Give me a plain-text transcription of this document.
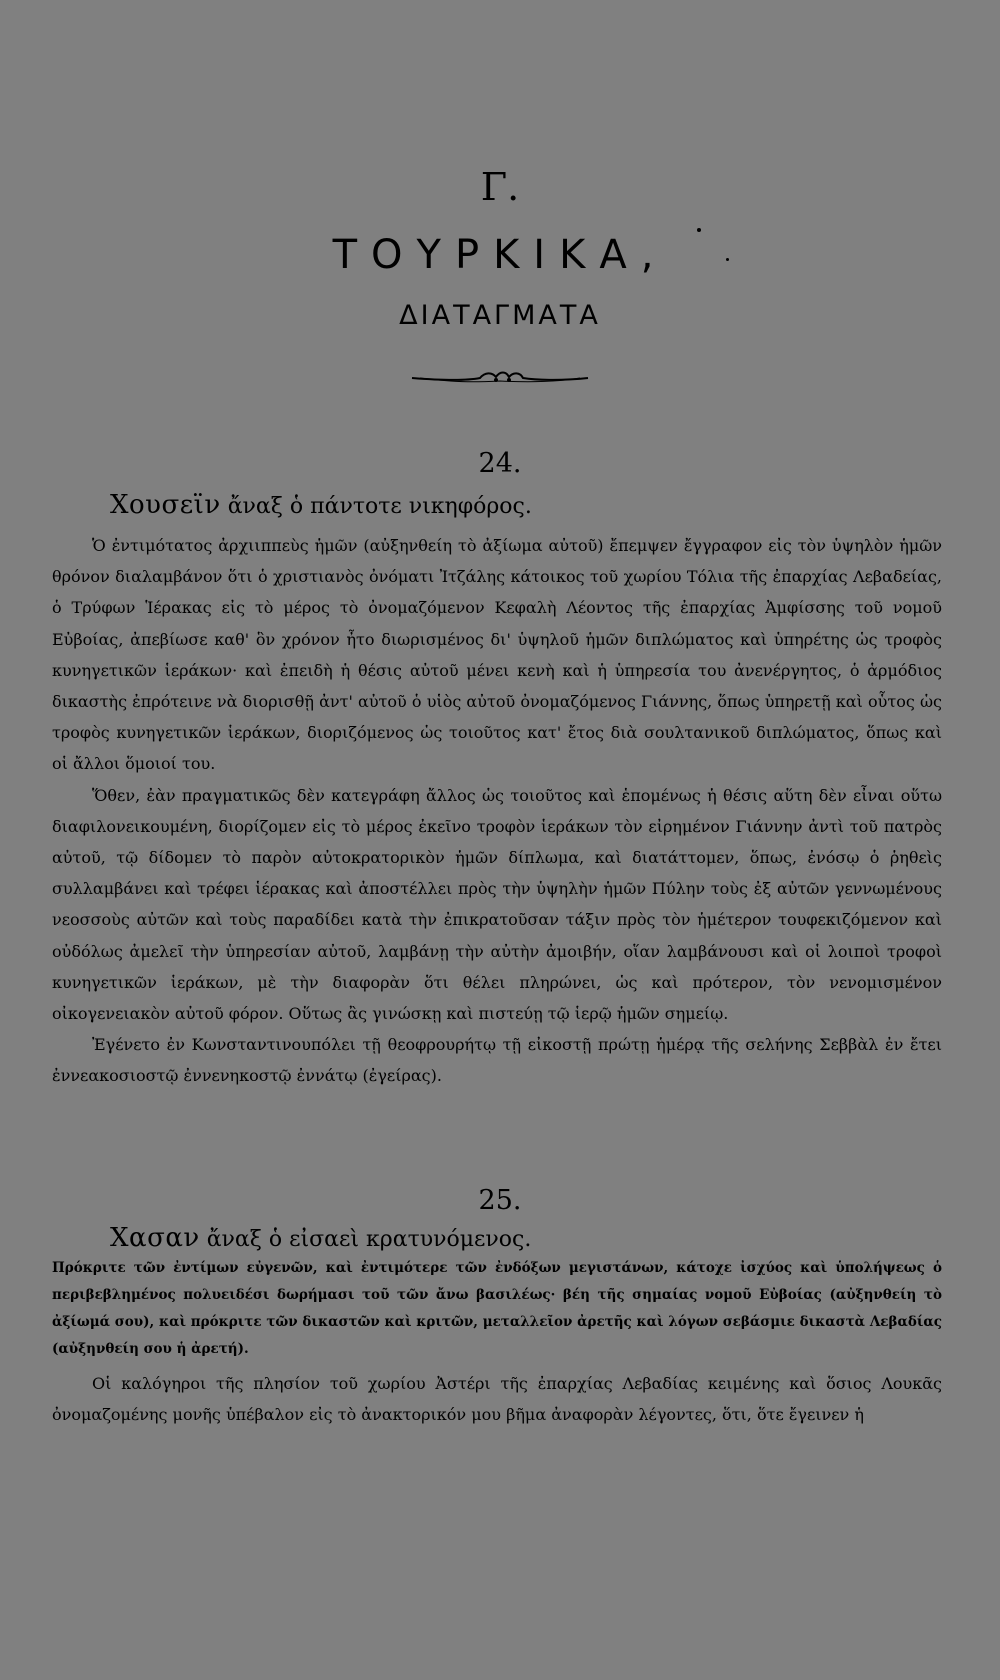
Γ.
ΤΟΥΡΚΙΚΑ,
ΔΙΑΤΑΓΜΑΤΑ
24.
Χουσεϊν ἄναξ ὁ πάντοτε νικηφόρος.

Ὁ ἐντιμότατος ἀρχιιππεὺς ἡμῶν (αὐξηνθείη τὸ ἀξίωμα αὐτοῦ) ἔπεμψεν ἔγγραφον εἰς τὸν ὑψηλὸν ἡμῶν θρόνον διαλαμβάνον ὅτι ὁ χριστιανὸς ὀνόματι Ἰτζάλης κάτοικος τοῦ χωρίου Τόλια τῆς ἐπαρχίας Λεβαδείας, ὁ Τρύφων Ἱέρακας εἰς τὸ μέρος τὸ ὀνομαζόμενον Κεφαλὴ Λέοντος τῆς ἐπαρχίας Ἀμφίσσης τοῦ νομοῦ Εὐβοίας, ἀπεβίωσε καθ' ὃν χρόνον ἦτο διωρισμένος δι' ὑψηλοῦ ἡμῶν διπλώματος καὶ ὑπηρέτης ὡς τροφὸς κυνηγετικῶν ἱεράκων· καὶ ἐπειδὴ ἡ θέσις αὐτοῦ μένει κενὴ καὶ ἡ ὑπηρεσία του ἀνενέργητος, ὁ ἁρμόδιος δικαστὴς ἐπρότεινε νὰ διορισθῇ ἀντ' αὐτοῦ ὁ υἱὸς αὐτοῦ ὀνομαζόμενος Γιάννης, ὅπως ὑπηρετῇ καὶ οὗτος ὡς τροφὸς κυνηγετικῶν ἱεράκων, διοριζόμενος ὡς τοιοῦτος κατ' ἔτος διὰ σουλτανικοῦ διπλώματος, ὅπως καὶ οἱ ἄλλοι ὅμοιοί του.

Ὅθεν, ἐὰν πραγματικῶς δὲν κατεγράφη ἄλλος ὡς τοιοῦτος καὶ ἑπομένως ἡ θέσις αὕτη δὲν εἶναι οὕτω διαφιλονεικουμένη, διορίζομεν εἰς τὸ μέρος ἐκεῖνο τροφὸν ἱεράκων τὸν εἰρημένον Γιάννην ἀντὶ τοῦ πατρὸς αὐτοῦ, τῷ δίδομεν τὸ παρὸν αὐτοκρατορικὸν ἡμῶν δίπλωμα, καὶ διατάττομεν, ὅπως, ἐνόσῳ ὁ ῥηθεὶς συλλαμβάνει καὶ τρέφει ἱέρακας καὶ ἀποστέλλει πρὸς τὴν ὑψηλὴν ἡμῶν Πύλην τοὺς ἐξ αὐτῶν γεννωμένους νεοσσοὺς αὐτῶν καὶ τοὺς παραδίδει κατὰ τὴν ἐπικρατοῦσαν τάξιν πρὸς τὸν ἡμέτερον τουφεκιζόμενον καὶ οὐδόλως ἀμελεῖ τὴν ὑπηρεσίαν αὐτοῦ, λαμβάνῃ τὴν αὐτὴν ἀμοιβήν, οἵαν λαμβάνουσι καὶ οἱ λοιποὶ τροφοὶ κυνηγετικῶν ἱεράκων, μὲ τὴν διαφορὰν ὅτι θέλει πληρώνει, ὡς καὶ πρότερον, τὸν νενομισμένον οἰκογενειακὸν αὐτοῦ φόρον. Οὕτως ἂς γινώσκῃ καὶ πιστεύῃ τῷ ἱερῷ ἡμῶν σημείῳ.

Ἐγένετο ἐν Κωνσταντινουπόλει τῇ θεοφρουρήτῳ τῇ εἰκοστῇ πρώτῃ ἡμέρᾳ τῆς σελήνης Σεββὰλ ἐν ἔτει ἐννεακοσιοστῷ ἐννενηκοστῷ ἐννάτῳ (ἐγείρας).

25.
Χασαν ἄναξ ὁ εἰσαεὶ κρατυνόμενος.

Πρόκριτε τῶν ἐντίμων εὐγενῶν, καὶ ἐντιμότερε τῶν ἐνδόξων μεγιστάνων, κάτοχε ἰσχύος καὶ ὑπολήψεως ὁ περιβεβλημένος πολυειδέσι δωρήμασι τοῦ τῶν ἄνω βασιλέως· βέη τῆς σημαίας νομοῦ Εὐβοίας (αὐξηνθείη τὸ ἀξίωμά σου), καὶ πρόκριτε τῶν δικαστῶν καὶ κριτῶν, μεταλλεῖον ἀρετῆς καὶ λόγων σεβάσμιε δικαστὰ Λεβαδίας (αὐξηνθείη σου ἡ ἀρετή).

Οἱ καλόγηροι τῆς πλησίον τοῦ χωρίου Ἀστέρι τῆς ἐπαρχίας Λεβαδίας κειμένης καὶ ὅσιος Λουκᾶς ὀνομαζομένης μονῆς ὑπέβαλον εἰς τὸ ἀνακτορικόν μου βῆμα ἀναφορὰν λέγοντες, ὅτι, ὅτε ἔγεινεν ἡ
